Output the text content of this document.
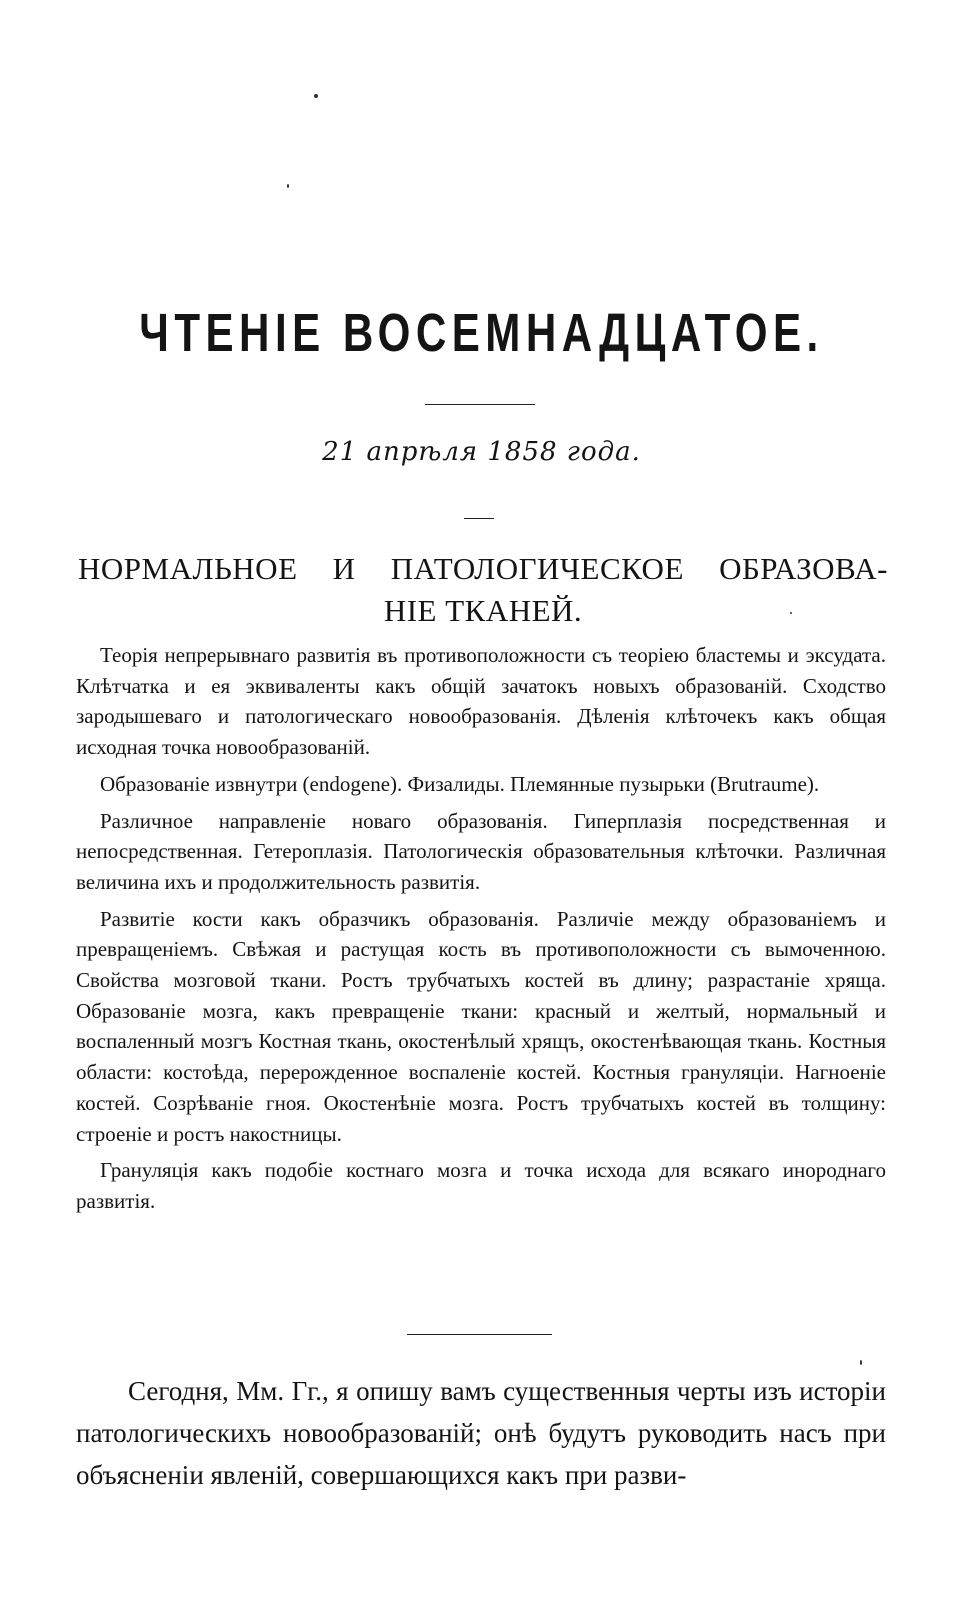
ЧТЕНІЕ ВОСЕМНАДЦАТОЕ.
21 апрѣля 1858 года.
НОРМАЛЬНОЕ И ПАТОЛОГИЧЕСКОЕ ОБРАЗОВА-
НІЕ ТКАНЕЙ.

Теорія непрерывнаго развитія въ противоположности съ теоріею бластемы и эксудата. Клѣтчатка и ея эквиваленты какъ общій зачатокъ новыхъ образованій. Сходство зародышеваго и патологическаго новообразованія. Дѣленія клѣточекъ какъ общая исходная точка новообразованій.

Образованіе извнутри (endogene). Физалиды. Племянные пузырьки (Brutraume).

Различное направленіе новаго образованія. Гиперплазія посредственная и непосредственная. Гетероплазія. Патологическія образовательныя клѣточки. Различная величина ихъ и продолжительность развитія.

Развитіе кости какъ образчикъ образованія. Различіе между образованіемъ и превращеніемъ. Свѣжая и растущая кость въ противоположности съ вымоченною. Свойства мозговой ткани. Ростъ трубчатыхъ костей въ длину; разрастаніе хряща. Образованіе мозга, какъ превращеніе ткани: красный и желтый, нормальный и воспаленный мозгъ Костная ткань, окостенѣлый хрящъ, окостенѣвающая ткань. Костныя области: костоѣда, перерожденное воспаленіе костей. Костныя грануляціи. Нагноеніе костей. Созрѣваніе гноя. Окостенѣніе мозга. Ростъ трубчатыхъ костей въ толщину: строеніе и ростъ накостницы.

Грануляція какъ подобіе костнаго мозга и точка исхода для всякаго инороднаго развитія.

Сегодня, Мм. Гг., я опишу вамъ существенныя черты изъ исторіи патологическихъ новообразованій; онѣ будутъ руководить насъ при объясненіи явленій, совершающихся какъ при разви-
